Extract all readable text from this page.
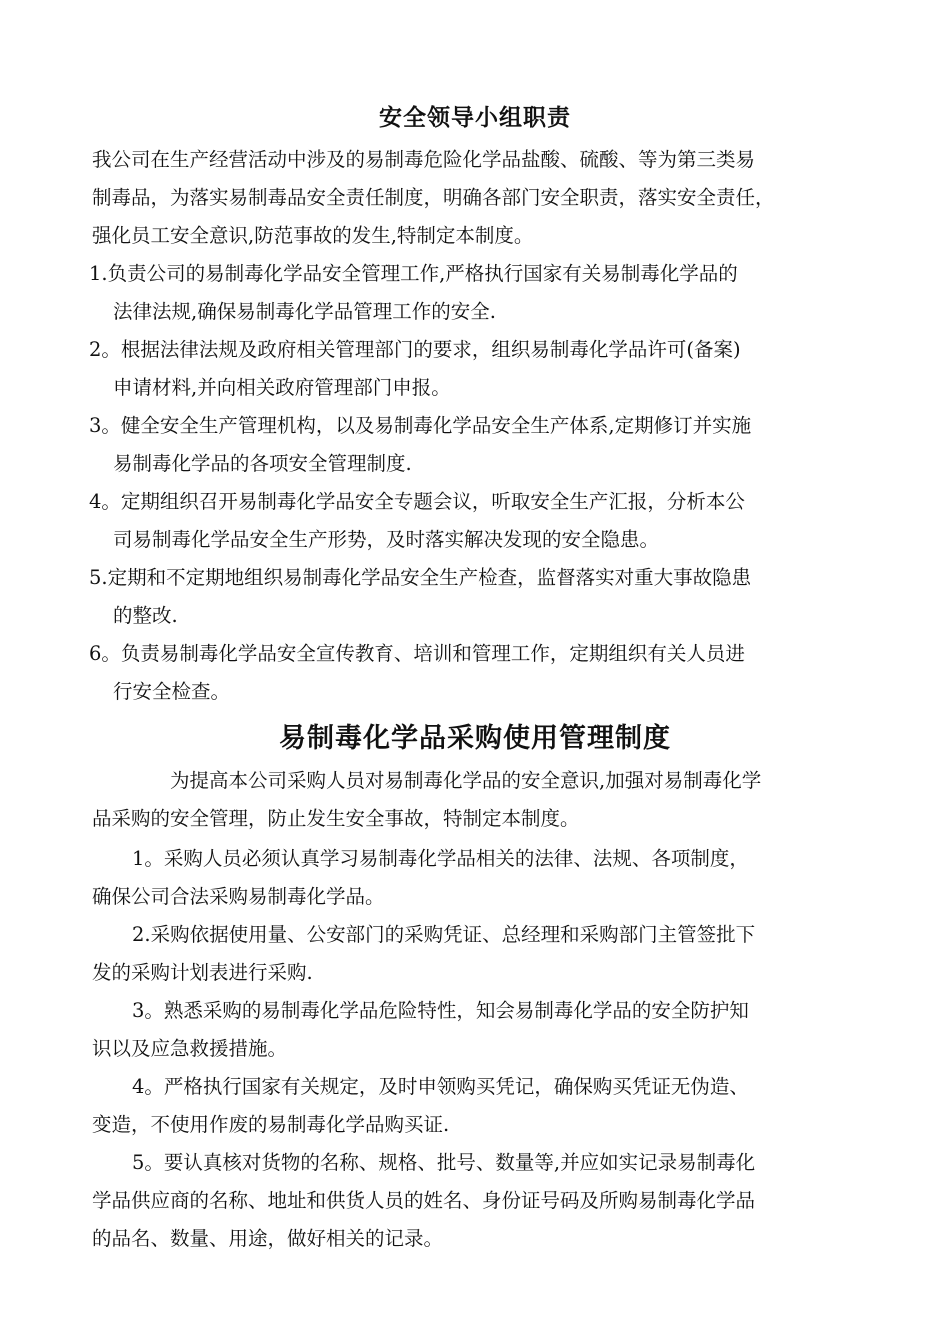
安全领导小组职责
我公司在生产经营活动中涉及的易制毒危险化学品盐酸、硫酸、等为第三类易
制毒品，为落实易制毒品安全责任制度，明确各部门安全职责，落实安全责任，
强化员工安全意识,防范事故的发生,特制定本制度。
1.负责公司的易制毒化学品安全管理工作,严格执行国家有关易制毒化学品的
法律法规,确保易制毒化学品管理工作的安全.
2。根据法律法规及政府相关管理部门的要求，组织易制毒化学品许可(备案)
申请材料,并向相关政府管理部门申报。
3。健全安全生产管理机构，以及易制毒化学品安全生产体系,定期修订并实施
易制毒化学品的各项安全管理制度.
4。定期组织召开易制毒化学品安全专题会议，听取安全生产汇报，分析本公
司易制毒化学品安全生产形势，及时落实解决发现的安全隐患。
5.定期和不定期地组织易制毒化学品安全生产检查，监督落实对重大事故隐患
的整改.
6。负责易制毒化学品安全宣传教育、培训和管理工作，定期组织有关人员进
行安全检查。
易制毒化学品采购使用管理制度
为提高本公司采购人员对易制毒化学品的安全意识,加强对易制毒化学
品采购的安全管理，防止发生安全事故，特制定本制度。
1。采购人员必须认真学习易制毒化学品相关的法律、法规、各项制度，
确保公司合法采购易制毒化学品。
2.采购依据使用量、公安部门的采购凭证、总经理和采购部门主管签批下
发的采购计划表进行采购.
3。熟悉采购的易制毒化学品危险特性，知会易制毒化学品的安全防护知
识以及应急救援措施。
4。严格执行国家有关规定，及时申领购买凭记，确保购买凭证无伪造、
变造，不使用作废的易制毒化学品购买证.
5。要认真核对货物的名称、规格、批号、数量等,并应如实记录易制毒化
学品供应商的名称、地址和供货人员的姓名、身份证号码及所购易制毒化学品
的品名、数量、用途，做好相关的记录。
